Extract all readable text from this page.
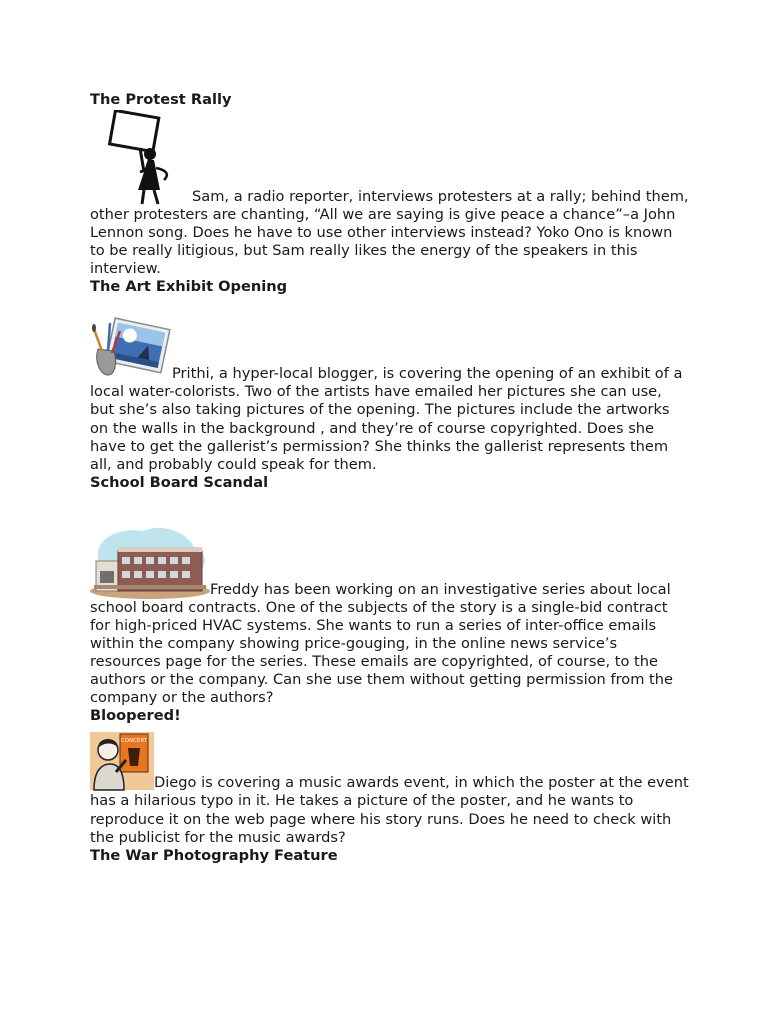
The Protest Rally

Sam, a radio reporter, interviews protesters at a rally; behind them, other protesters are chanting, “All we are saying is give peace a chance”–a John Lennon song. Does he have to use other interviews instead? Yoko Ono is known to be really litigious, but Sam really likes the energy of the speakers in this interview.

The Art Exhibit Opening

Prithi, a hyper-local blogger, is covering the opening of an exhibit of a local water-colorists. Two of the artists have emailed her pictures she can use, but she’s also taking pictures of the opening. The pictures include the artworks on the walls in the background , and they’re of course copyrighted. Does she have to get the gallerist’s permission? She thinks the gallerist represents them all, and probably could speak for them.

School Board Scandal

Freddy has been working on an investigative series about local school board contracts. One of the subjects of the story is a single-bid contract for high-priced HVAC systems. She wants to run a series of inter-office emails within the company showing price-gouging, in the online news service’s resources page for the series. These emails are copyrighted, of course, to the authors or the company. Can she use them without getting permission from the company or the authors?

Bloopered!

CONCERT
Diego is covering a music awards event, in which the poster at the event has a hilarious typo in it. He takes a picture of the poster, and he wants to reproduce it on the web page where his story runs. Does he need to check with the publicist for the music awards?

The War Photography Feature
